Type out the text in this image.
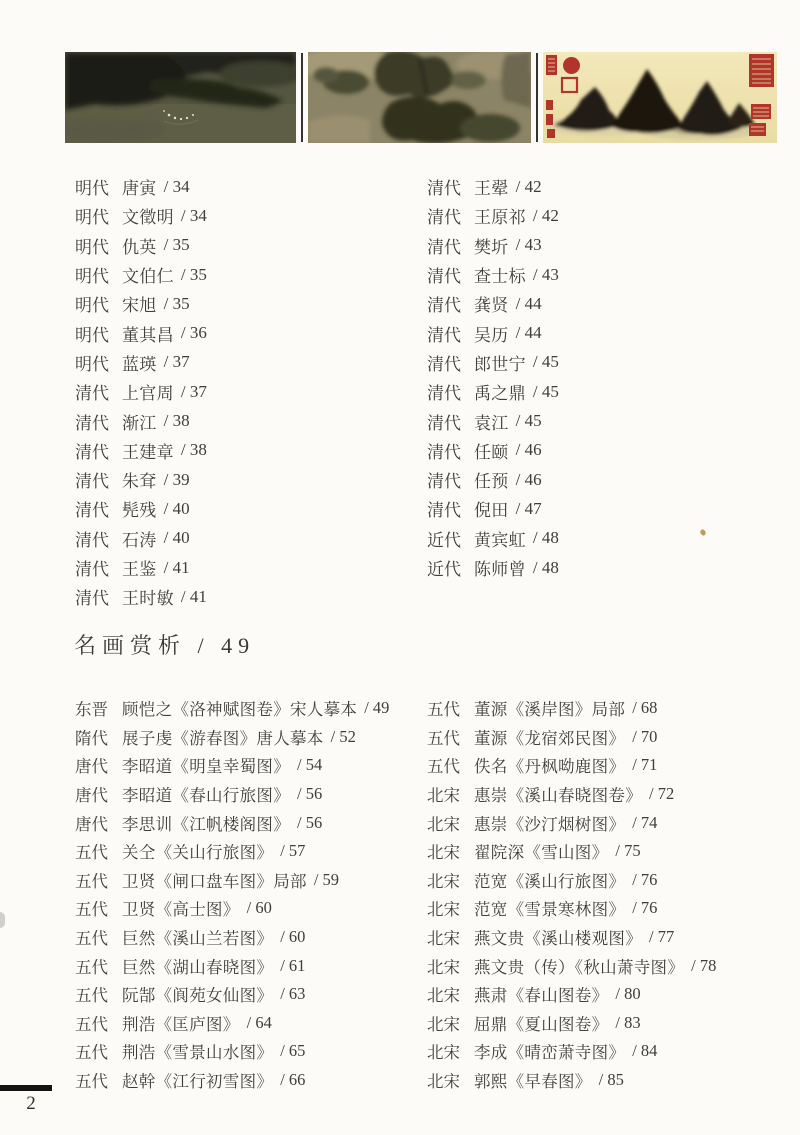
明代 唐寅 / 34
明代 文徵明 / 34
明代 仇英 / 35
明代 文伯仁 / 35
明代 宋旭 / 35
明代 董其昌 / 36
明代 蓝瑛 / 37
清代 上官周 / 37
清代 渐江 / 38
清代 王建章 / 38
清代 朱耷 / 39
清代 髡残 / 40
清代 石涛 / 40
清代 王鉴 / 41
清代 王时敏 / 41
清代 王翚 / 42
清代 王原祁 / 42
清代 樊圻 / 43
清代 查士标 / 43
清代 龚贤 / 44
清代 吴历 / 44
清代 郎世宁 / 45
清代 禹之鼎 / 45
清代 袁江 / 45
清代 任颐 / 46
清代 任预 / 46
清代 倪田 / 47
近代 黄宾虹 / 48
近代 陈师曾 / 48
名画赏析 / 49
东晋 顾恺之《洛神赋图卷》宋人摹本 / 49
隋代 展子虔《游春图》唐人摹本 / 52
唐代 李昭道《明皇幸蜀图》 / 54
唐代 李昭道《春山行旅图》 / 56
唐代 李思训《江帆楼阁图》 / 56
五代 关仝《关山行旅图》 / 57
五代 卫贤《闸口盘车图》局部 / 59
五代 卫贤《高士图》 / 60
五代 巨然《溪山兰若图》 / 60
五代 巨然《湖山春晓图》 / 61
五代 阮郜《阆苑女仙图》 / 63
五代 荆浩《匡庐图》 / 64
五代 荆浩《雪景山水图》 / 65
五代 赵幹《江行初雪图》 / 66
五代 董源《溪岸图》局部 / 68
五代 董源《龙宿郊民图》 / 70
五代 佚名《丹枫呦鹿图》 / 71
北宋 惠崇《溪山春晓图卷》 / 72
北宋 惠崇《沙汀烟树图》 / 74
北宋 翟院深《雪山图》 / 75
北宋 范宽《溪山行旅图》 / 76
北宋 范宽《雪景寒林图》 / 76
北宋 燕文贵《溪山楼观图》 / 77
北宋 燕文贵（传）《秋山萧寺图》 / 78
北宋 燕肃《春山图卷》 / 80
北宋 屈鼎《夏山图卷》 / 83
北宋 李成《晴峦萧寺图》 / 84
北宋 郭熙《早春图》 / 85
2
